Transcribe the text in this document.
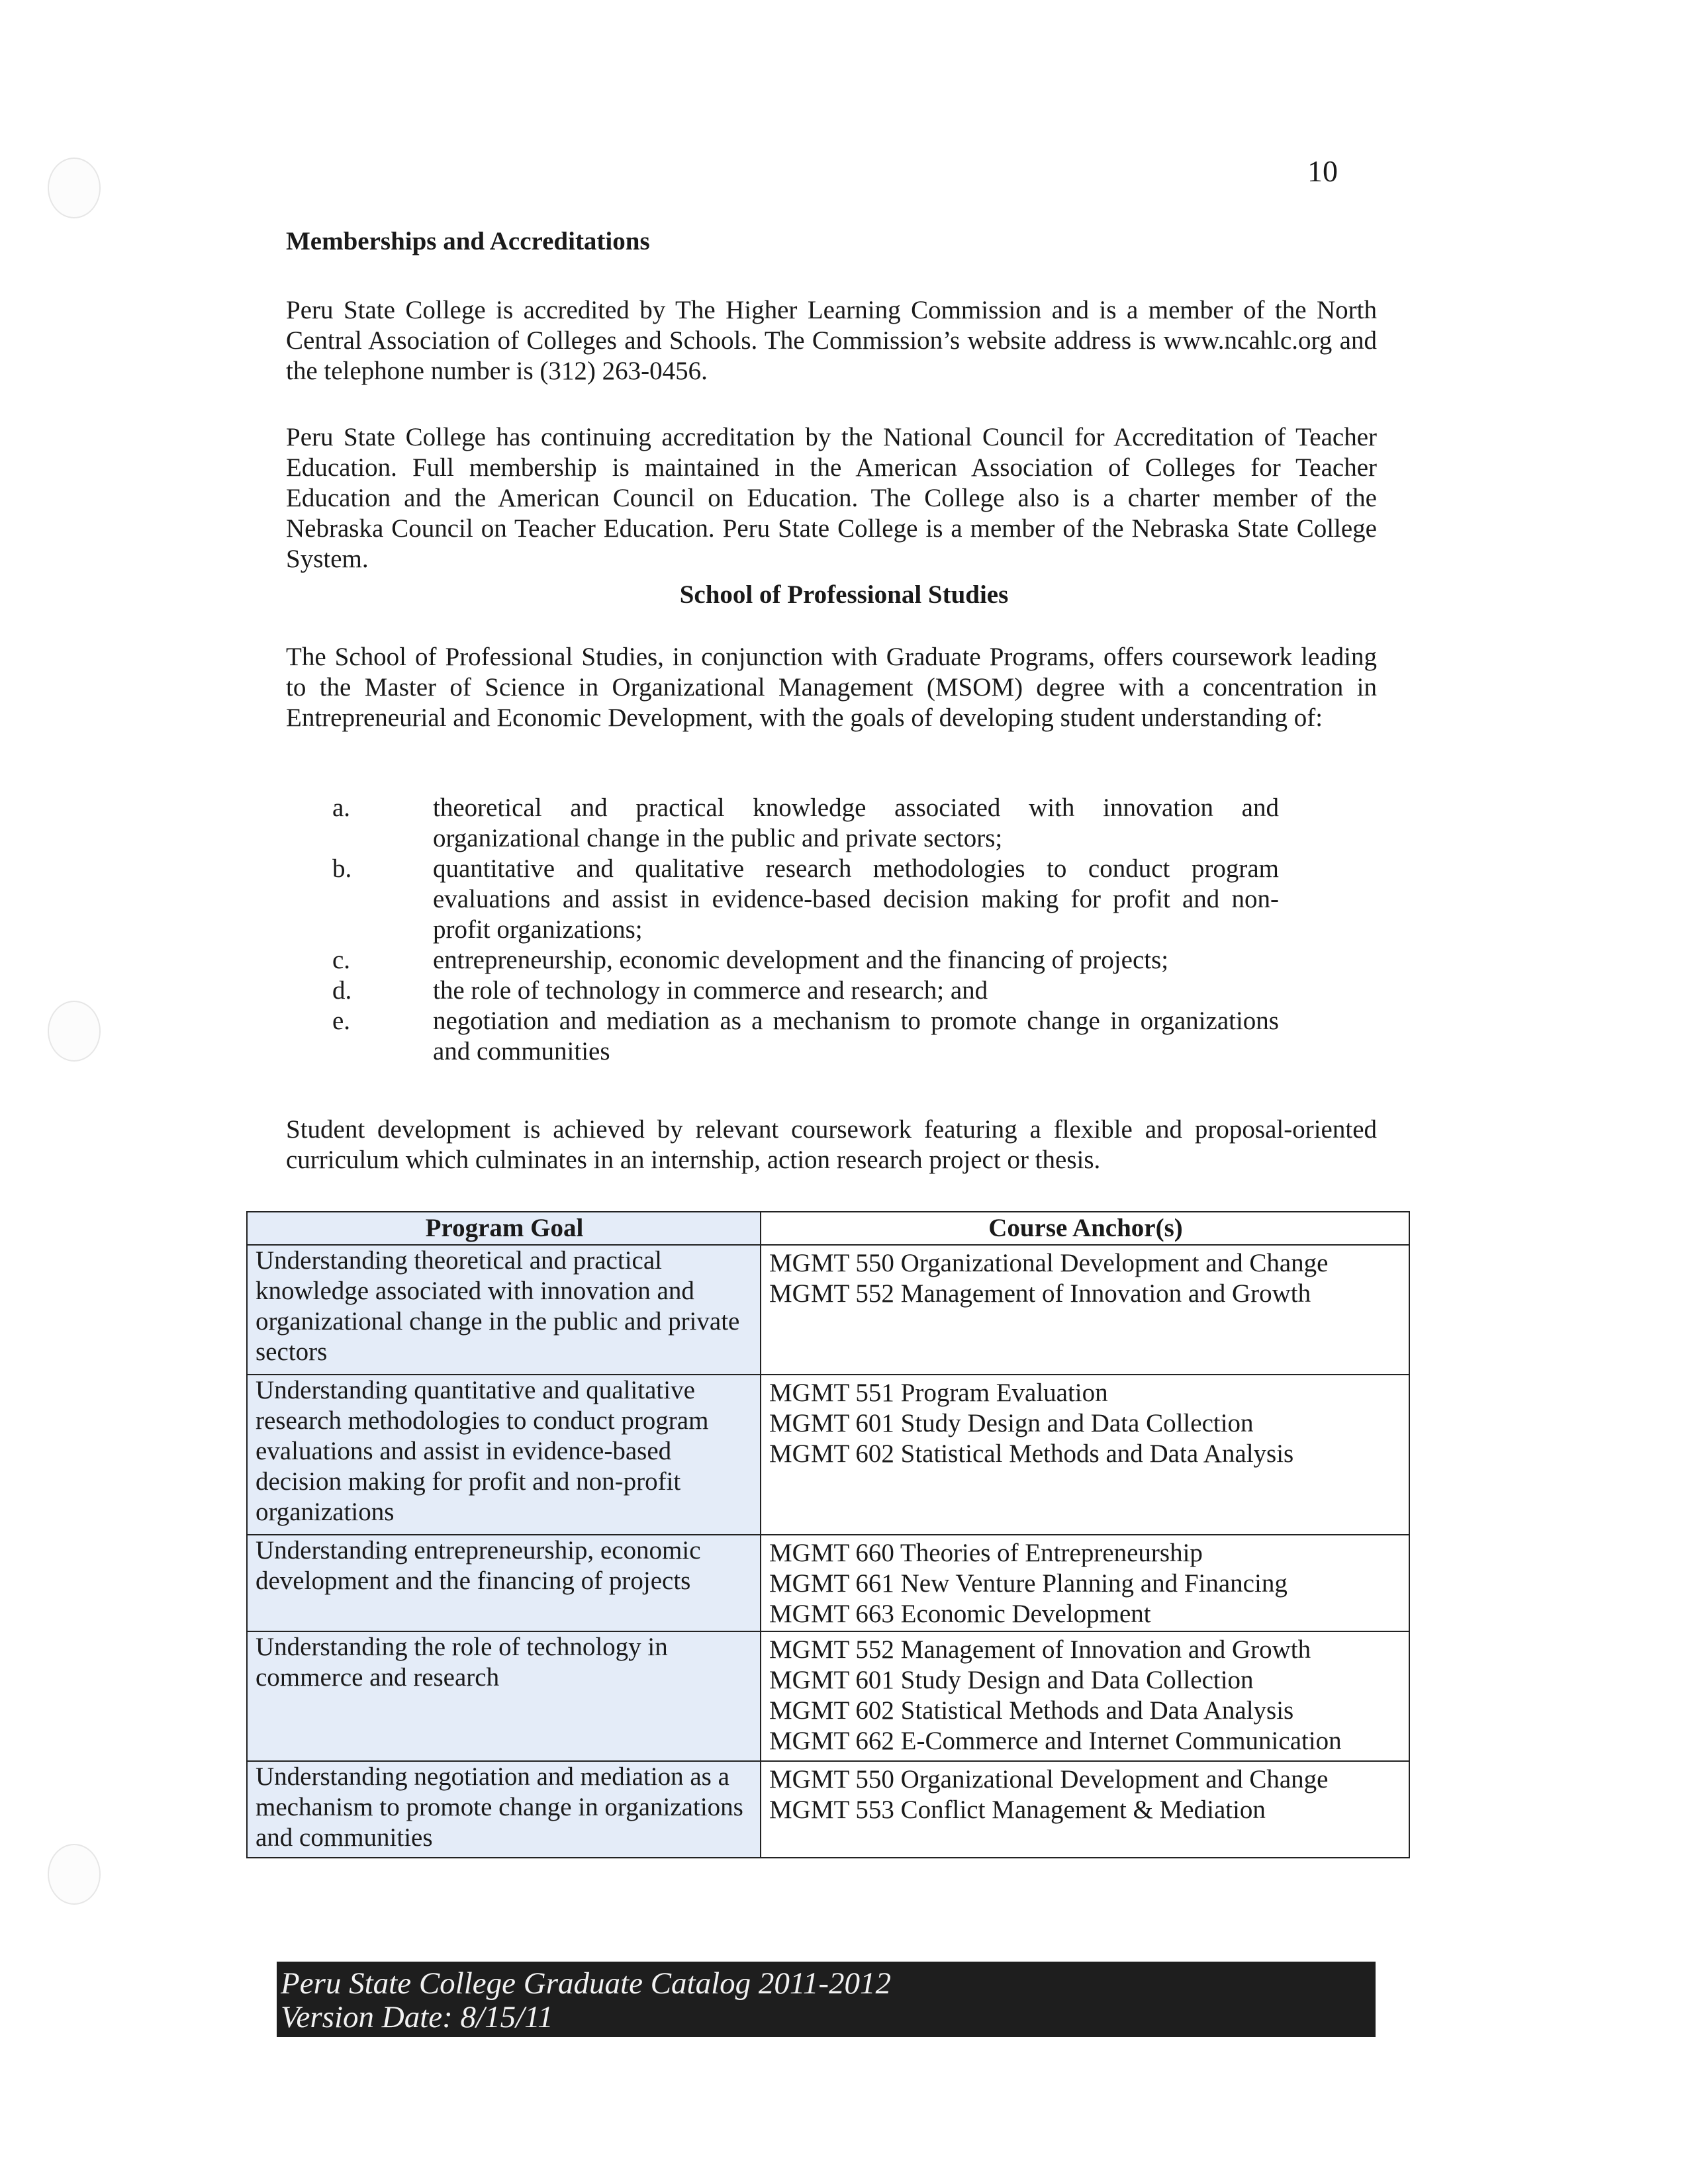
10
Memberships and Accreditations
Peru State College is accredited by The Higher Learning Commission and is a member of the North Central Association of Colleges and Schools. The Commission’s website address is www.ncahlc.org and the telephone number is (312) 263-0456.
Peru State College has continuing accreditation by the National Council for Accreditation of Teacher Education. Full membership is maintained in the American Association of Colleges for Teacher Education and the American Council on Education. The College also is a charter member of the Nebraska Council on Teacher Education. Peru State College is a member of the Nebraska State College System.
School of Professional Studies
The School of Professional Studies, in conjunction with Graduate Programs, offers coursework leading to the Master of Science in Organizational Management (MSOM) degree with a concentration in Entrepreneurial and Economic Development, with the goals of developing student understanding of:
a.	theoretical and practical knowledge associated with innovation and organizational change in the public and private sectors;
b.	quantitative and qualitative research methodologies to conduct program evaluations and assist in evidence-based decision making for profit and non-profit organizations;
c.	entrepreneurship, economic development and the financing of projects;
d.	the role of technology in commerce and research; and
e.	negotiation and mediation as a mechanism to promote change in organizations and communities
Student development is achieved by relevant coursework featuring a flexible and proposal-oriented curriculum which culminates in an internship, action research project or thesis.
Program Goal	Course Anchor(s)
Understanding theoretical and practical knowledge associated with innovation and organizational change in the public and private sectors	MGMT 550 Organizational Development and Change
MGMT 552 Management of Innovation and Growth

Understanding quantitative and qualitative research methodologies to conduct program evaluations and assist in evidence-based decision making for profit and non-profit organizations	MGMT 551 Program Evaluation
MGMT 601 Study Design and Data Collection
MGMT 602 Statistical Methods and Data Analysis

Understanding entrepreneurship, economic development and the financing of projects	MGMT 660 Theories of Entrepreneurship
MGMT 661 New Venture Planning and Financing
MGMT 663 Economic Development

Understanding the role of technology in commerce and research	MGMT 552 Management of Innovation and Growth
MGMT 601 Study Design and Data Collection
MGMT 602 Statistical Methods and Data Analysis
MGMT 662 E-Commerce and Internet Communication

Understanding negotiation and mediation as a mechanism to promote change in organizations and communities	MGMT 550 Organizational Development and Change
MGMT 553 Conflict Management & Mediation
Peru State College Graduate Catalog 2011-2012
Version Date: 8/15/11
